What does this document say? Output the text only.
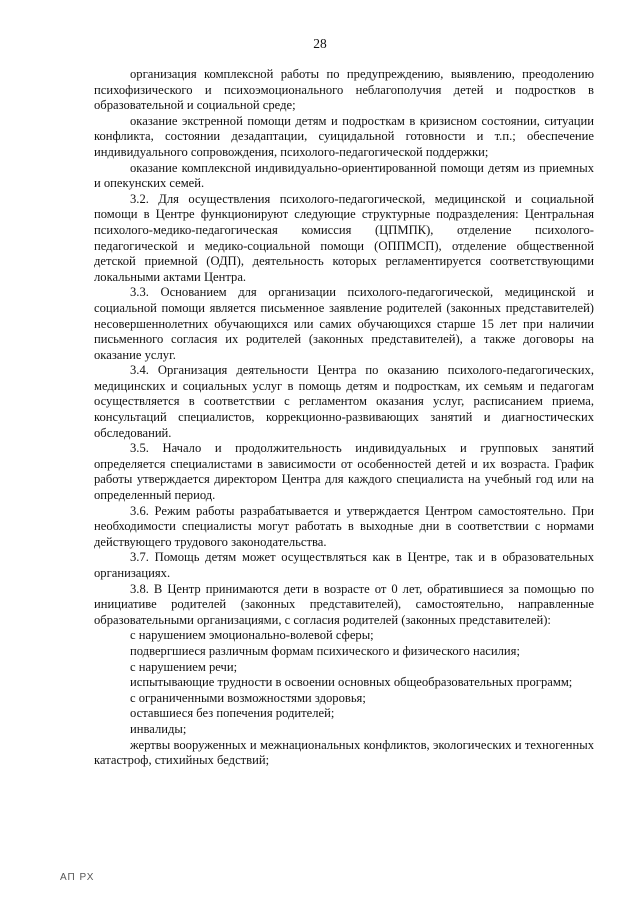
28

организация комплексной работы по предупреждению, выявлению, преодолению психофизического и психоэмоционального неблагополучия детей и подростков в образовательной и социальной среде;

оказание экстренной помощи детям и подросткам в кризисном состоянии, ситуации конфликта, состоянии дезадаптации, суицидальной готовности и т.п.; обеспечение индивидуального сопровождения, психолого-педагогической поддержки;

оказание комплексной индивидуально-ориентированной помощи детям из приемных и опекунских семей.

3.2. Для осуществления психолого-педагогической, медицинской и социальной помощи в Центре функционируют следующие структурные подразделения: Центральная психолого-медико-педагогическая комиссия (ЦПМПК), отделение психолого-педагогической и медико-социальной помощи (ОППМСП), отделение общественной детской приемной (ОДП), деятельность которых регламентируется соответствующими локальными актами Центра.

3.3. Основанием для организации психолого-педагогической, медицинской и социальной помощи является письменное заявление родителей (законных представителей) несовершеннолетних обучающихся или самих обучающихся старше 15 лет при наличии письменного согласия их родителей (законных представителей), а также договоры на оказание услуг.

3.4. Организация деятельности Центра по оказанию психолого-педагогических, медицинских и социальных услуг в помощь детям и подросткам, их семьям и педагогам осуществляется в соответствии с регламентом оказания услуг, расписанием приема, консультаций специалистов, коррекционно-развивающих занятий и диагностических обследований.

3.5. Начало и продолжительность индивидуальных и групповых занятий определяется специалистами в зависимости от особенностей детей и их возраста. График работы утверждается директором Центра для каждого специалиста на учебный год или на определенный период.

3.6. Режим работы разрабатывается и утверждается Центром самостоятельно. При необходимости специалисты могут работать в выходные дни в соответствии с нормами действующего трудового законодательства.

3.7. Помощь детям может осуществляться как в Центре, так и в образовательных организациях.

3.8. В Центр принимаются дети в возрасте от 0 лет, обратившиеся за помощью по инициативе родителей (законных представителей), самостоятельно, направленные образовательными организациями, с согласия родителей (законных представителей):

с нарушением эмоционально-волевой сферы;

подвергшиеся различным формам психического и физического насилия;

с нарушением речи;

испытывающие трудности в освоении основных общеобразовательных программ;

с ограниченными возможностями здоровья;

оставшиеся без попечения родителей;

инвалиды;

жертвы вооруженных и межнациональных конфликтов, экологических и техногенных катастроф, стихийных бедствий;

АП РХ
